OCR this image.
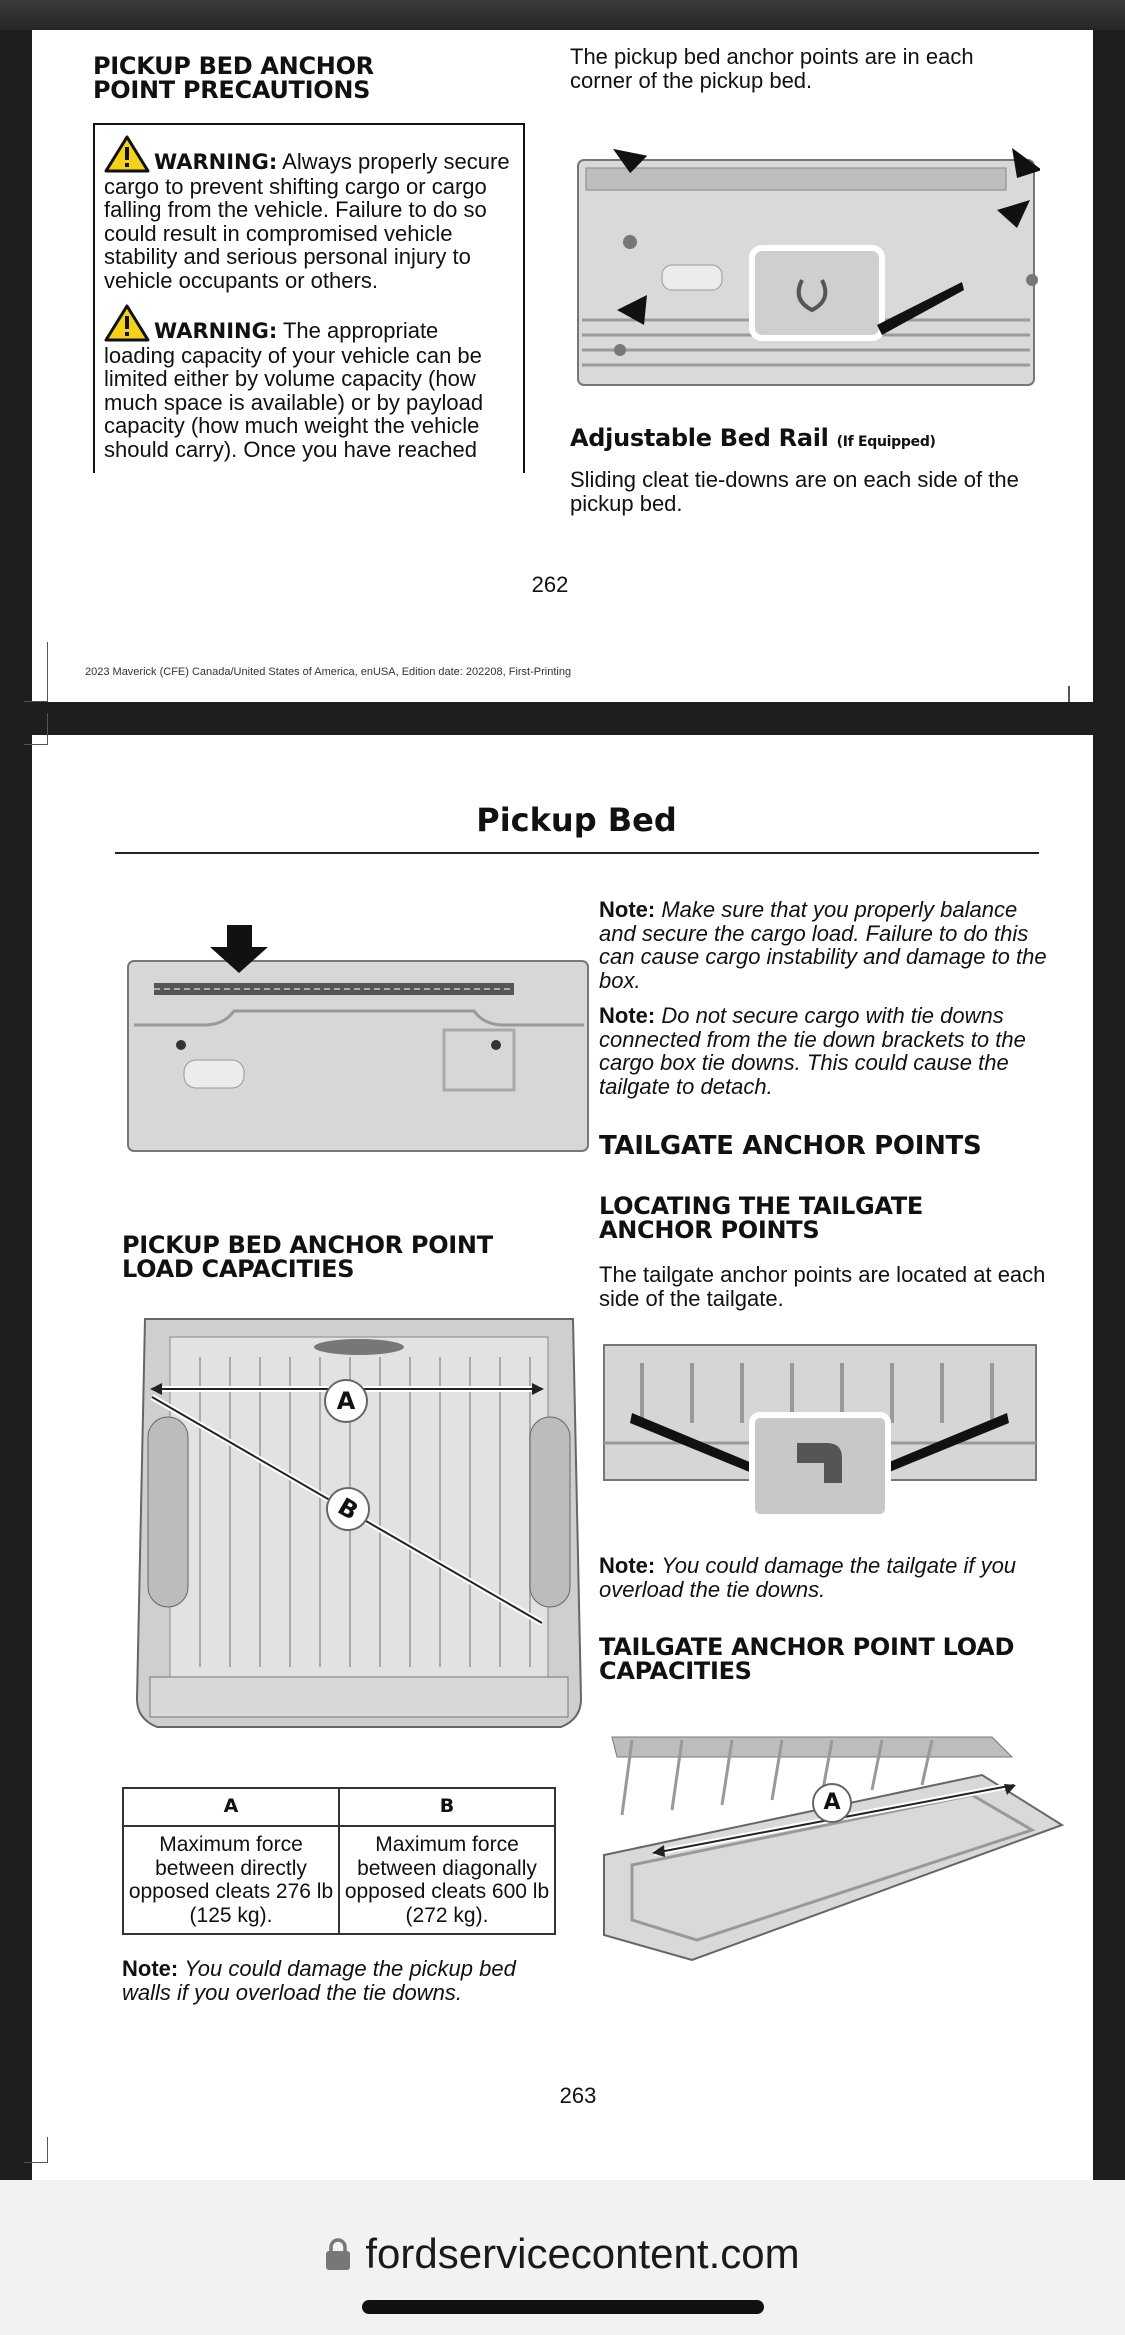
PICKUP BED ANCHOR POINT PRECAUTIONS

WARNING: Always properly secure cargo to prevent shifting cargo or cargo falling from the vehicle. Failure to do so could result in compromised vehicle stability and serious personal injury to vehicle occupants or others.

WARNING: The appropriate loading capacity of your vehicle can be limited either by volume capacity (how much space is available) or by payload capacity (how much weight the vehicle should carry). Once you have reached

The pickup bed anchor points are in each corner of the pickup bed.
Adjustable Bed Rail (If Equipped)
Sliding cleat tie-downs are on each side of the pickup bed.
262
2023 Maverick (CFE) Canada/United States of America, enUSA, Edition date: 202208, First-Printing
Pickup Bed
PICKUP BED ANCHOR POINT LOAD CAPACITIES
A
B
A	B
Maximum force between directly opposed cleats 276 lb (125 kg).	Maximum force between diagonally opposed cleats 600 lb (272 kg).

Note: You could damage the pickup bed walls if you overload the tie downs.

Note: Make sure that you properly balance and secure the cargo load. Failure to do this can cause cargo instability and damage to the box.

Note: Do not secure cargo with tie downs connected from the tie down brackets to the cargo box tie downs. This could cause the tailgate to detach.

TAILGATE ANCHOR POINTS
LOCATING THE TAILGATE ANCHOR POINTS
The tailgate anchor points are located at each side of the tailgate.

Note: You could damage the tailgate if you overload the tie downs.

TAILGATE ANCHOR POINT LOAD CAPACITIES
A
263
fordservicecontent.com
